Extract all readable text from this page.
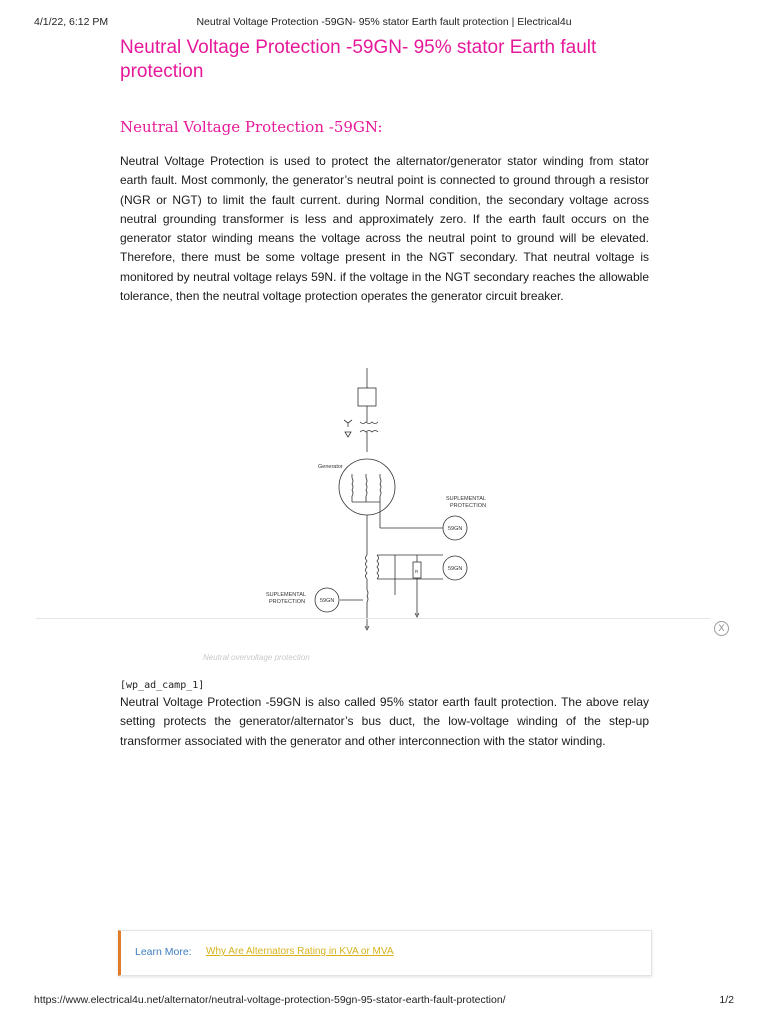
4/1/22, 6:12 PM	Neutral Voltage Protection -59GN- 95% stator Earth fault protection | Electrical4u
Neutral Voltage Protection -59GN- 95% stator Earth fault protection
Neutral Voltage Protection -59GN:

Neutral Voltage Protection is used to protect the alternator/generator stator winding from stator earth fault. Most commonly, the generator’s neutral point is connected to ground through a resistor (NGR or NGT) to limit the fault current. during Normal condition, the secondary voltage across neutral grounding transformer is less and approximately zero. If the earth fault occurs on the generator stator winding means the voltage across the neutral point to ground will be elevated. Therefore, there must be some voltage present in the NGT secondary. That neutral voltage is monitored by neutral voltage relays 59N. if the voltage in the NGT secondary reaches the allowable tolerance, then the neutral voltage protection operates the generator circuit breaker.

Generator
SUPLEMENTAL
PROTECTION
59GN
59GN
59GN
SUPLEMENTAL
PROTECTION
R
X
Neutral overvoltage protection
[wp_ad_camp_1]

Neutral Voltage Protection -59GN is also called 95% stator earth fault protection. The above relay setting protects the generator/alternator’s bus duct, the low-voltage winding of the step-up transformer associated with the generator and other interconnection with the stator winding.

Learn More: Why Are Alternators Rating in KVA or MVA
https://www.electrical4u.net/alternator/neutral-voltage-protection-59gn-95-stator-earth-fault-protection/	1/2
